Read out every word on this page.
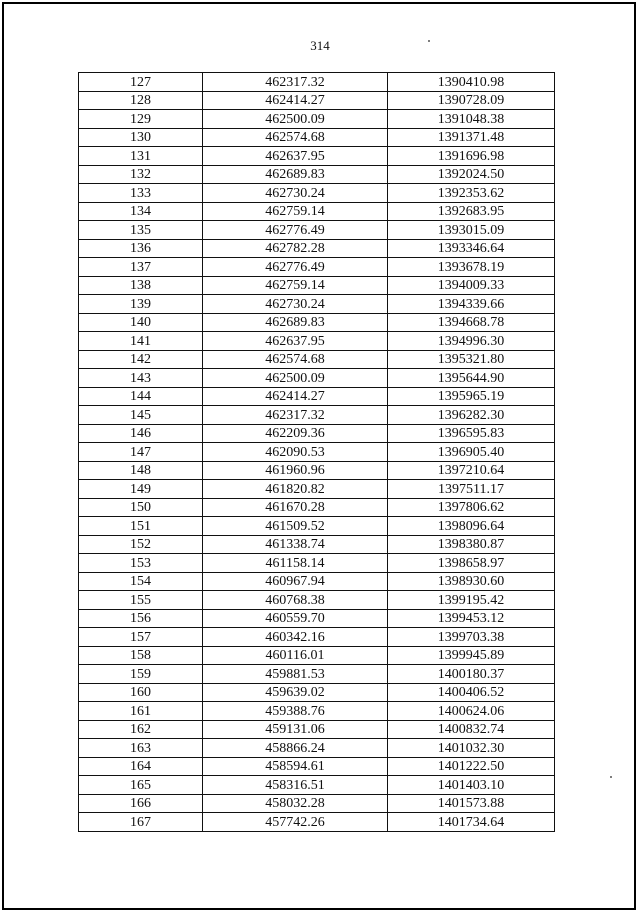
314
127	462317.32	1390410.98
128	462414.27	1390728.09
129	462500.09	1391048.38
130	462574.68	1391371.48
131	462637.95	1391696.98
132	462689.83	1392024.50
133	462730.24	1392353.62
134	462759.14	1392683.95
135	462776.49	1393015.09
136	462782.28	1393346.64
137	462776.49	1393678.19
138	462759.14	1394009.33
139	462730.24	1394339.66
140	462689.83	1394668.78
141	462637.95	1394996.30
142	462574.68	1395321.80
143	462500.09	1395644.90
144	462414.27	1395965.19
145	462317.32	1396282.30
146	462209.36	1396595.83
147	462090.53	1396905.40
148	461960.96	1397210.64
149	461820.82	1397511.17
150	461670.28	1397806.62
151	461509.52	1398096.64
152	461338.74	1398380.87
153	461158.14	1398658.97
154	460967.94	1398930.60
155	460768.38	1399195.42
156	460559.70	1399453.12
157	460342.16	1399703.38
158	460116.01	1399945.89
159	459881.53	1400180.37
160	459639.02	1400406.52
161	459388.76	1400624.06
162	459131.06	1400832.74
163	458866.24	1401032.30
164	458594.61	1401222.50
165	458316.51	1401403.10
166	458032.28	1401573.88
167	457742.26	1401734.64
